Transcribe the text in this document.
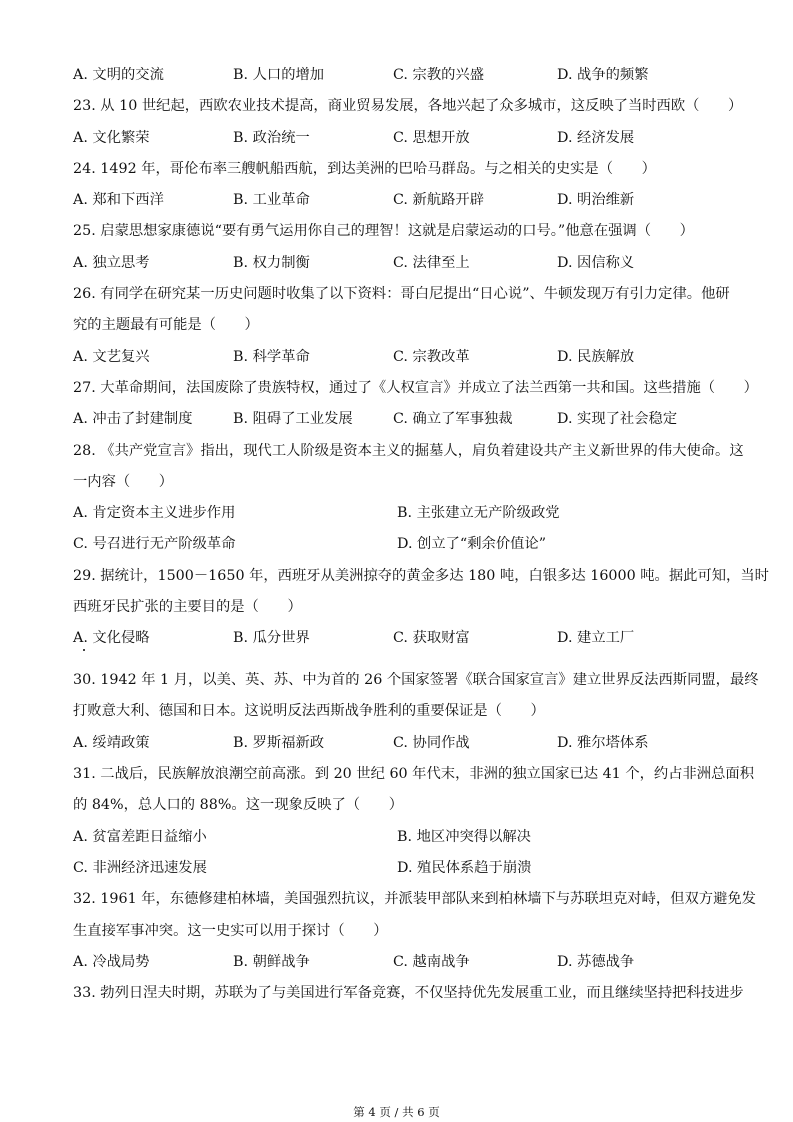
A. 文明的交流	B. 人口的增加	C. 宗教的兴盛	D. 战争的频繁
23. 从 10 世纪起，西欧农业技术提高，商业贸易发展，各地兴起了众多城市，这反映了当时西欧（　　）
A. 文化繁荣	B. 政治统一	C. 思想开放	D. 经济发展
24. 1492 年，哥伦布率三艘帆船西航，到达美洲的巴哈马群岛。与之相关的史实是（　　）
A. 郑和下西洋	B. 工业革命	C. 新航路开辟	D. 明治维新
25. 启蒙思想家康德说“要有勇气运用你自己的理智！这就是启蒙运动的口号。”他意在强调（　　）
A. 独立思考	B. 权力制衡	C. 法律至上	D. 因信称义
26. 有同学在研究某一历史问题时收集了以下资料：哥白尼提出“日心说”、牛顿发现万有引力定律。他研
究的主题最有可能是（　　）
A. 文艺复兴	B. 科学革命	C. 宗教改革	D. 民族解放
27. 大革命期间，法国废除了贵族特权，通过了《人权宣言》并成立了法兰西第一共和国。这些措施（　　）
A. 冲击了封建制度	B. 阻碍了工业发展	C. 确立了军事独裁	D. 实现了社会稳定
28. 《共产党宣言》指出，现代工人阶级是资本主义的掘墓人，肩负着建设共产主义新世界的伟大使命。这
一内容（　　）
A. 肯定资本主义进步作用	B. 主张建立无产阶级政党
C. 号召进行无产阶级革命	D. 创立了“剩余价值论”
29. 据统计，1500－1650 年，西班牙从美洲掠夺的黄金多达 180 吨，白银多达 16000 吨。据此可知，当时
西班牙民扩张的主要目的是（　　）
A. 文化侵略	B. 瓜分世界	C. 获取财富	D. 建立工厂
30. 1942 年 1 月，以美、英、苏、中为首的 26 个国家签署《联合国家宣言》建立世界反法西斯同盟，最终
打败意大利、德国和日本。这说明反法西斯战争胜利的重要保证是（　　）
A. 绥靖政策	B. 罗斯福新政	C. 协同作战	D. 雅尔塔体系
31. 二战后，民族解放浪潮空前高涨。到 20 世纪 60 年代末，非洲的独立国家已达 41 个，约占非洲总面积
的 84%，总人口的 88%。这一现象反映了（　　）
A. 贫富差距日益缩小	B. 地区冲突得以解决
C. 非洲经济迅速发展	D. 殖民体系趋于崩溃
32. 1961 年，东德修建柏林墙，美国强烈抗议，并派装甲部队来到柏林墙下与苏联坦克对峙，但双方避免发
生直接军事冲突。这一史实可以用于探讨（　　）
A. 冷战局势	B. 朝鲜战争	C. 越南战争	D. 苏德战争
33. 勃列日涅夫时期，苏联为了与美国进行军备竞赛，不仅坚持优先发展重工业，而且继续坚持把科技进步
第 4 页 / 共 6 页
